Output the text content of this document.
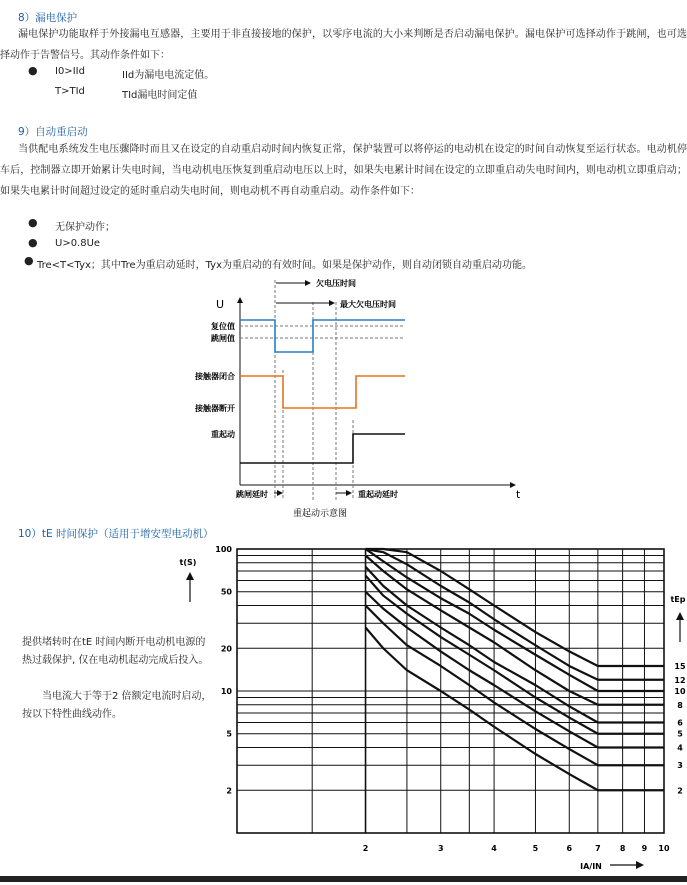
8）漏电保护
漏电保护功能取样于外接漏电互感器，主要用于非直接接地的保护，以零序电流的大小来判断是否启动漏电保护。漏电保护可选择动作于跳闸，也可选择动作于告警信号。其动作条件如下：
● I0>IId	IId为漏电电流定值。
T>TId	TId漏电时间定值
9）自动重启动
当供配电系统发生电压骤降时而且又在设定的自动重启动时间内恢复正常，保护装置可以将停运的电动机在设定的时间自动恢复至运行状态。电动机停车后，控制器立即开始累计失电时间，当电动机电压恢复到重启动电压以上时，如果失电累计时间在设定的立即重启动失电时间内，则电动机立即重启动；如果失电累计时间超过设定的延时重启动失电时间，则电动机不再自动重启动。动作条件如下：
● 无保护动作；
● U>0.8Ue
● Tre<T<Tyx；其中Tre为重启动延时，Tyx为重启动的有效时间。如果是保护动作，则自动闭锁自动重启动功能。
U
t
欠电压时间
最大欠电压时间
复位值
跳闸值
接触器闭合
接触器断开
重起动
跳闸延时	重起动延时
重起动示意图
10）tE 时间保护（适用于增安型电动机）
提供堵转时在tE 时间内断开电动机电源的热过载保护, 仅在电动机起动完成后投入。
当电流大于等于2 倍额定电流时启动，按以下特性曲线动作。
2
5
10
20
50
100
2	3	4	5	6	7 8 9 10
t(S)
IA/IN
tEp
15
12
10
8
6
5
4
3
2
